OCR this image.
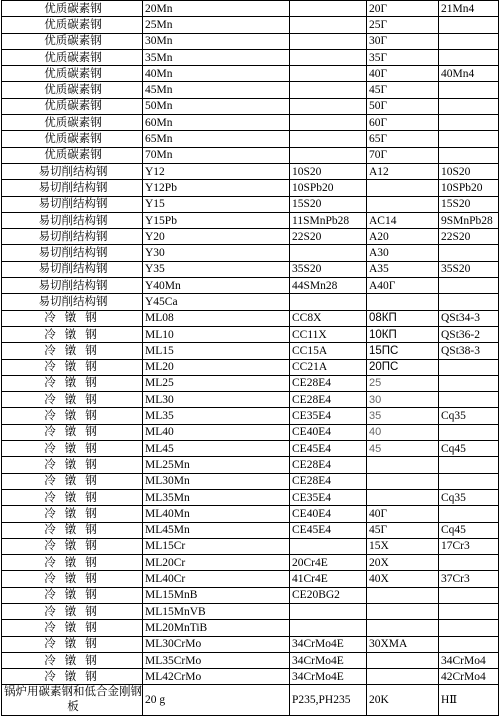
优质碳素钢	20Mn		20Г	21Mn4
优质碳素钢	25Mn		25Г	
优质碳素钢	30Mn		30Г	
优质碳素钢	35Mn		35Г	
优质碳素钢	40Mn		40Г	40Mn4
优质碳素钢	45Mn		45Г	
优质碳素钢	50Mn		50Г	
优质碳素钢	60Mn		60Г	
优质碳素钢	65Mn		65Г	
优质碳素钢	70Mn		70Г	
易切削结构钢	Y12	10S20	A12	10S20
易切削结构钢	Y12Pb	10SPb20		10SPb20
易切削结构钢	Y15	15S20		15S20
易切削结构钢	Y15Pb	11SMnPb28	AC14	9SMnPb28
易切削结构钢	Y20	22S20	A20	22S20
易切削结构钢	Y30		A30	
易切削结构钢	Y35	35S20	A35	35S20
易切削结构钢	Y40Mn	44SMn28	A40Г	
易切削结构钢	Y45Ca			
冷镦钢	ML08	CC8X	08КП	QSt34-3
冷镦钢	ML10	CC11X	10КП	QSt36-2
冷镦钢	ML15	CC15A	15ПС	QSt38-3
冷镦钢	ML20	CC21A	20ПС	
冷镦钢	ML25	CE28E4	25	
冷镦钢	ML30	CE28E4	30	
冷镦钢	ML35	CE35E4	35	Cq35
冷镦钢	ML40	CE40E4	40	
冷镦钢	ML45	CE45E4	45	Cq45
冷镦钢	ML25Mn	CE28E4		
冷镦钢	ML30Mn	CE28E4		
冷镦钢	ML35Mn	CE35E4		Cq35
冷镦钢	ML40Mn	CE40E4	40Г	
冷镦钢	ML45Mn	CE45E4	45Г	Cq45
冷镦钢	ML15Cr		15X	17Cr3
冷镦钢	ML20Cr	20Cr4E	20X	
冷镦钢	ML40Cr	41Cr4E	40X	37Cr3
冷镦钢	ML15MnB	CE20BG2		
冷镦钢	ML15MnVB			
冷镦钢	ML20MnTiB			
冷镦钢	ML30CrMo	34CrMo4E	30XMA	
冷镦钢	ML35CrMo	34CrMo4E		34CrMo4
冷镦钢	ML42CrMo	34CrMo4E		42CrMo4
锅炉用碳素钢和低合金刚钢板	20 g	P235,PH235	20K	HⅡ
